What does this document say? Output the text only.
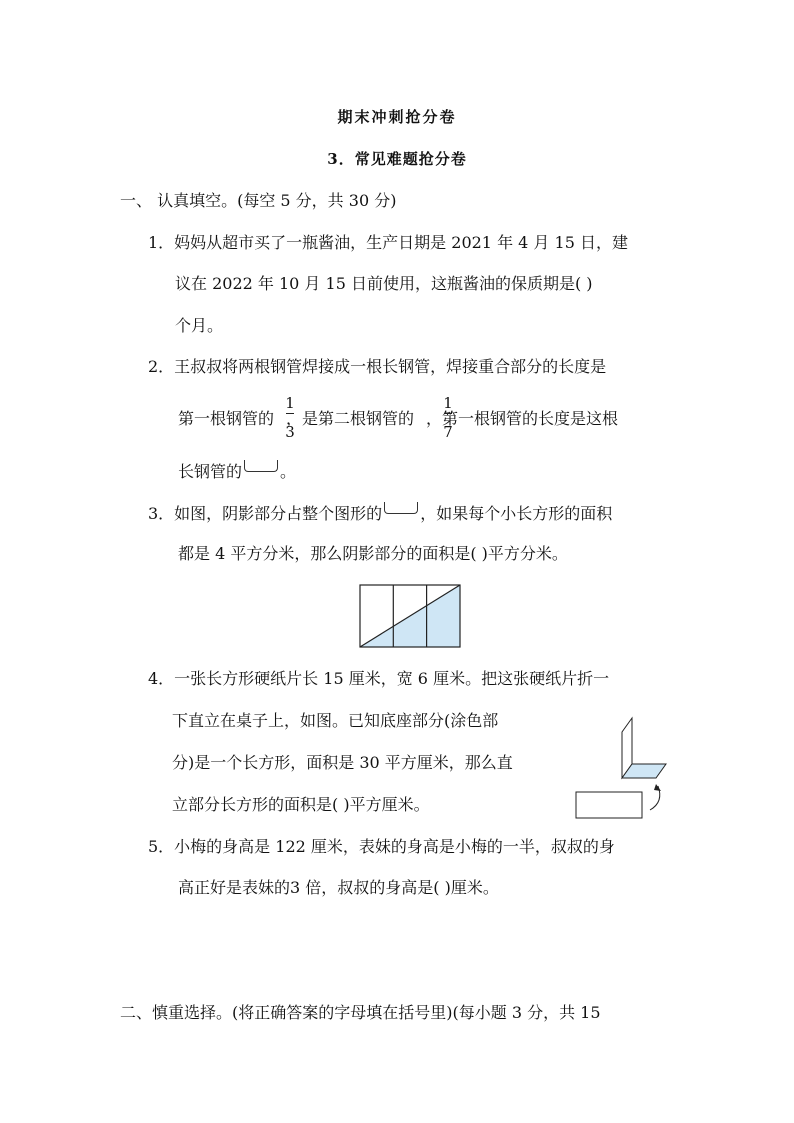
期末冲刺抢分卷
3．常见难题抢分卷
一、 认真填空。(每空 5 分，共 30 分)
1．妈妈从超市买了一瓶酱油，生产日期是 2021 年 4 月 15 日，建
议在 2022 年 10 月 15 日前使用，这瓶酱油的保质期是( )
个月。
2．王叔叔将两根钢管焊接成一根长钢管，焊接重合部分的长度是
第一根钢管的 ，是第二根钢管的 ，第一根钢管的长度是这根
1
3
1
7
长钢管的 。
3．如图，阴影部分占整个图形的 ，如果每个小长方形的面积
都是 4 平方分米，那么阴影部分的面积是( )平方分米。
4．一张长方形硬纸片长 15 厘米，宽 6 厘米。把这张硬纸片折一
下直立在桌子上，如图。已知底座部分(涂色部
分)是一个长方形，面积是 30 平方厘米，那么直
立部分长方形的面积是( )平方厘米。
5．小梅的身高是 122 厘米，表妹的身高是小梅的一半，叔叔的身
高正好是表妹的3 倍，叔叔的身高是( )厘米。
二、慎重选择。(将正确答案的字母填在括号里)(每小题 3 分，共 15
